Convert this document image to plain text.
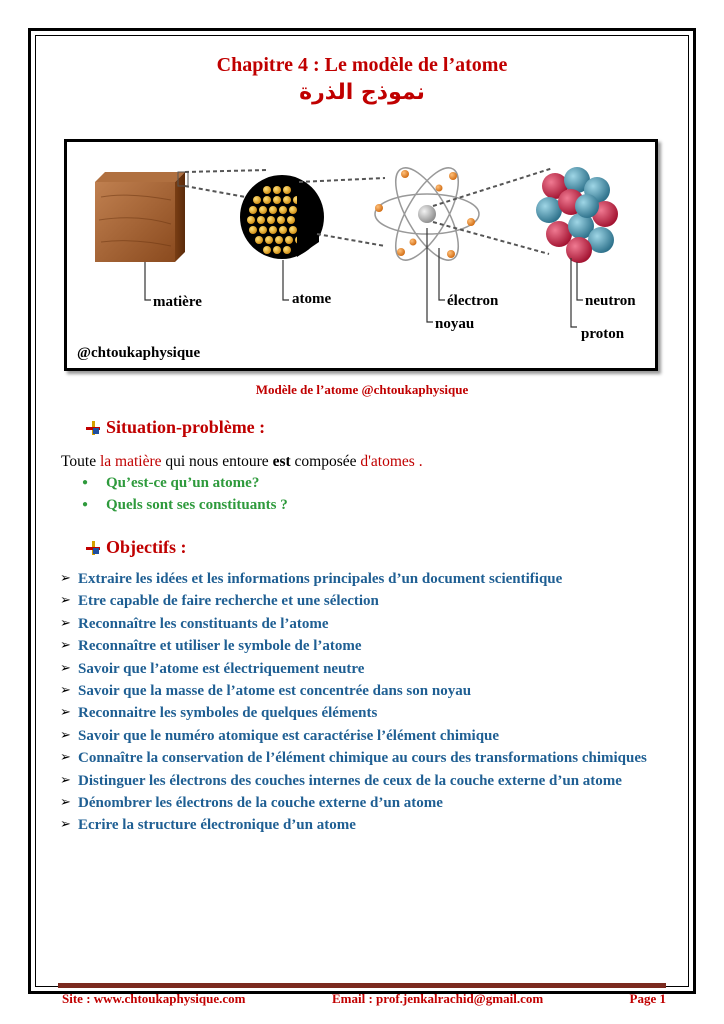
Chapitre 4 : Le modèle de l’atome
نموذج الذرة
matière	atome	électron
noyau
neutron
proton
@chtoukaphysique
Modèle de l’atome @chtoukaphysique
Situation-problème :
Toute la matière qui nous entoure est composée d'atomes .
● Qu’est-ce qu’un atome?
● Quels sont ses constituants ?
Objectifs :
➢ Extraire les idées et les informations principales d’un document scientifique
➢ Etre capable de faire recherche et une sélection
➢ Reconnaître les constituants de l’atome
➢ Reconnaître et utiliser le symbole de l’atome
➢ Savoir que l’atome est électriquement neutre
➢ Savoir que la masse de l’atome est concentrée dans son noyau
➢ Reconnaitre les symboles de quelques éléments
➢ Savoir que le numéro atomique est caractérise l’élément chimique
➢ Connaître la conservation de l’élément chimique au cours des transformations chimiques
➢ Distinguer les électrons des couches internes de ceux de la couche externe d’un atome
➢ Dénombrer les électrons de la couche externe d’un atome
➢ Ecrire la structure électronique d’un atome
Site : www.chtoukaphysique.com	Email : prof.jenkalrachid@gmail.com	Page 1
